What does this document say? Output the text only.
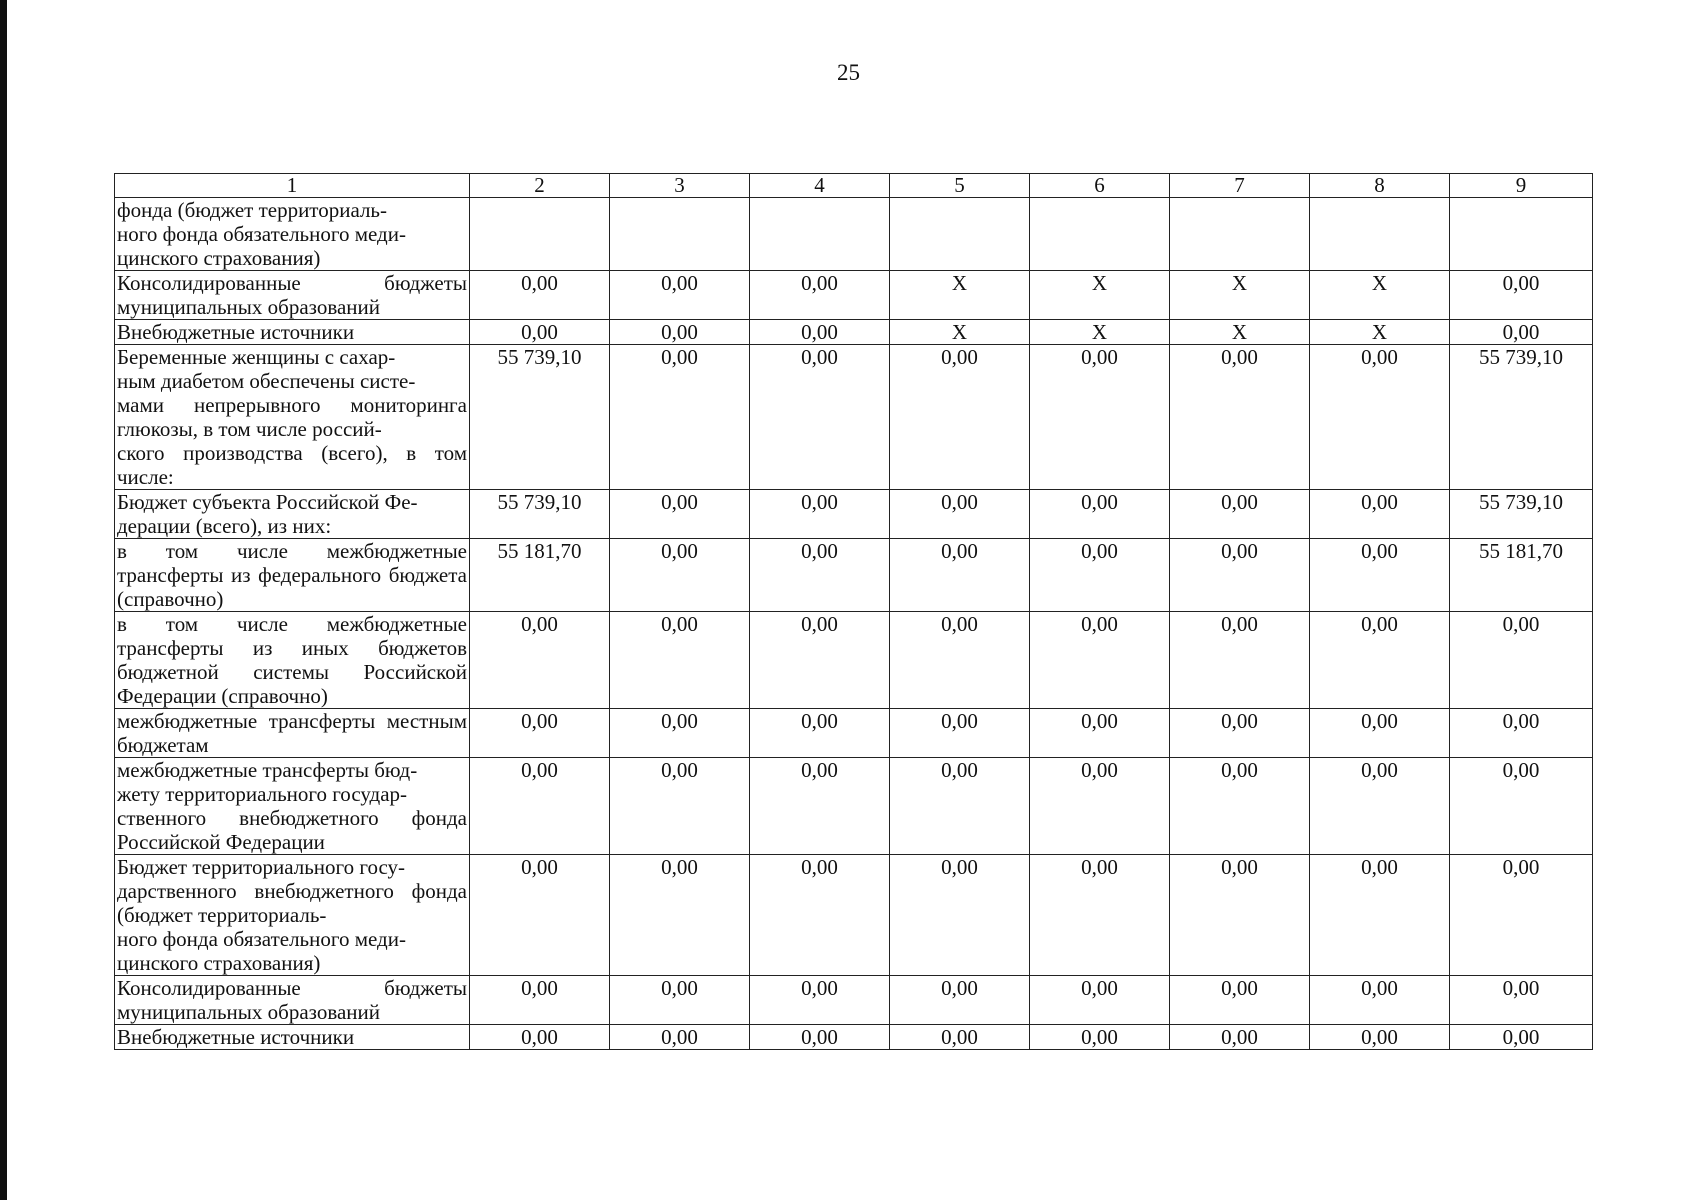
25
1	2	3	4	5	6	7	8	9
фонда (бюджет территориаль-
ного фонда обязательного меди-
цинского страхования)								
Консолидированные бюджеты муниципальных образований	0,00	0,00	0,00	X	X	X	X	0,00
Внебюджетные источники	0,00	0,00	0,00	X	X	X	X	0,00
Беременные женщины с сахар-
ным диабетом обеспечены систе-
мами непрерывного мониторинга глюкозы, в том числе россий-
ского производства (всего), в том числе:	55 739,10	0,00	0,00	0,00	0,00	0,00	0,00	55 739,10
Бюджет субъекта Российской Фе-
дерации (всего), из них:	55 739,10	0,00	0,00	0,00	0,00	0,00	0,00	55 739,10
в том числе межбюджетные трансферты из федерального бюджета (справочно)	55 181,70	0,00	0,00	0,00	0,00	0,00	0,00	55 181,70
в том числе межбюджетные трансферты из иных бюджетов бюджетной системы Российской Федерации (справочно)	0,00	0,00	0,00	0,00	0,00	0,00	0,00	0,00
межбюджетные трансферты местным бюджетам	0,00	0,00	0,00	0,00	0,00	0,00	0,00	0,00
межбюджетные трансферты бюд-
жету территориального государ-
ственного внебюджетного фонда Российской Федерации	0,00	0,00	0,00	0,00	0,00	0,00	0,00	0,00
Бюджет территориального госу-
дарственного внебюджетного фонда (бюджет территориаль-
ного фонда обязательного меди-
цинского страхования)	0,00	0,00	0,00	0,00	0,00	0,00	0,00	0,00
Консолидированные бюджеты муниципальных образований	0,00	0,00	0,00	0,00	0,00	0,00	0,00	0,00
Внебюджетные источники	0,00	0,00	0,00	0,00	0,00	0,00	0,00	0,00
